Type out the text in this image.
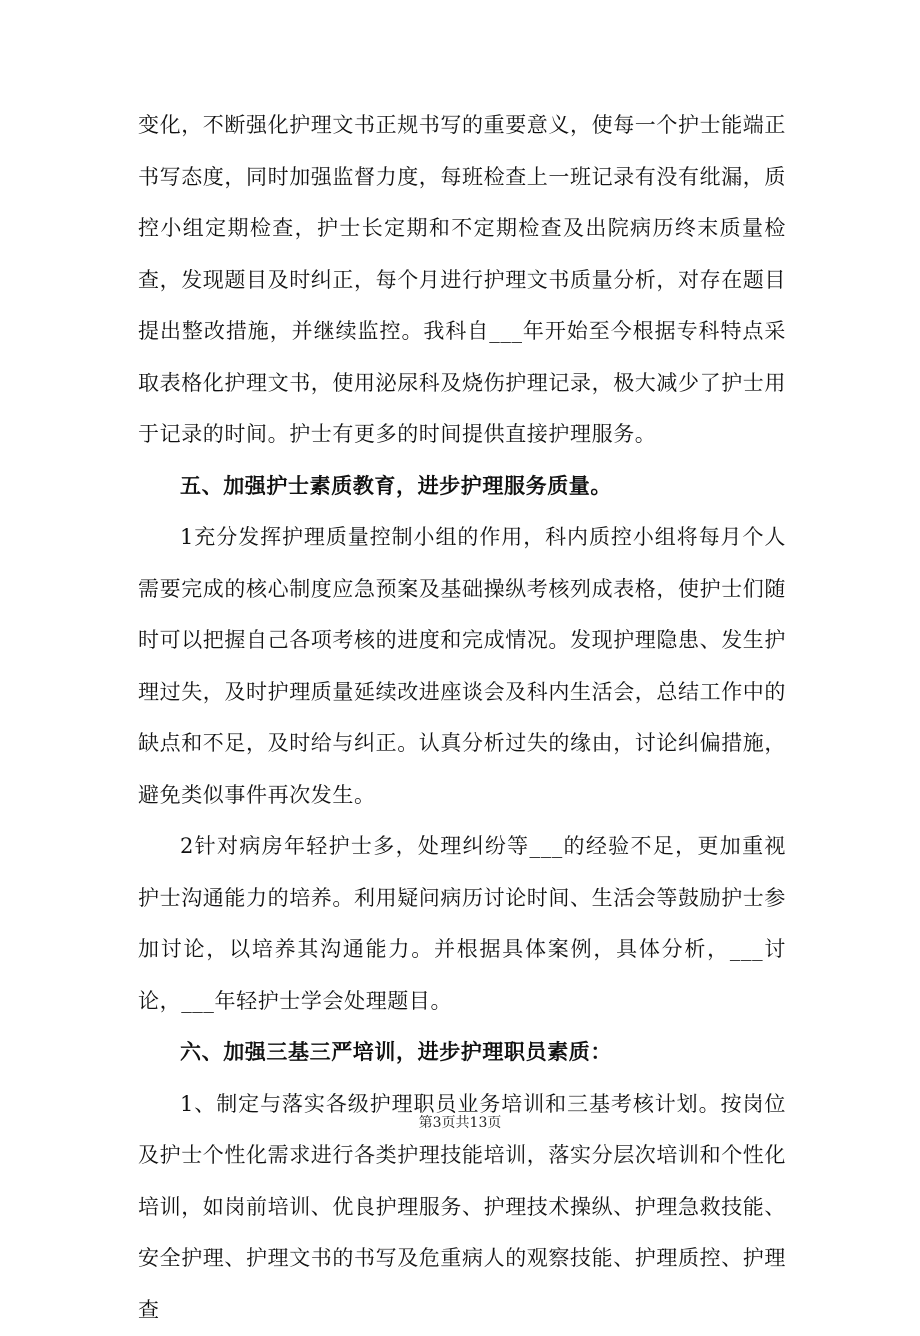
变化，不断强化护理文书正规书写的重要意义，使每一个护士能端正书写态度，同时加强监督力度，每班检查上一班记录有没有纰漏，质控小组定期检查，护士长定期和不定期检查及出院病历终末质量检查，发现题目及时纠正，每个月进行护理文书质量分析，对存在题目提出整改措施，并继续监控。我科自___年开始至今根据专科特点采取表格化护理文书，使用泌尿科及烧伤护理记录，极大减少了护士用于记录的时间。护士有更多的时间提供直接护理服务。

五、加强护士素质教育，进步护理服务质量。

1充分发挥护理质量控制小组的作用，科内质控小组将每月个人需要完成的核心制度应急预案及基础操纵考核列成表格，使护士们随时可以把握自己各项考核的进度和完成情况。发现护理隐患、发生护理过失，及时护理质量延续改进座谈会及科内生活会，总结工作中的缺点和不足，及时给与纠正。认真分析过失的缘由，讨论纠偏措施，避免类似事件再次发生。

2针对病房年轻护士多，处理纠纷等___的经验不足，更加重视护士沟通能力的培养。利用疑问病历讨论时间、生活会等鼓励护士参加讨论，以培养其沟通能力。并根据具体案例，具体分析，___讨论，___年轻护士学会处理题目。

六、加强三基三严培训，进步护理职员素质：

1、制定与落实各级护理职员业务培训和三基考核计划。按岗位及护士个性化需求进行各类护理技能培训，落实分层次培训和个性化培训，如岗前培训、优良护理服务、护理技术操纵、护理急救技能、安全护理、护理文书的书写及危重病人的观察技能、护理质控、护理查

第3页共13页
